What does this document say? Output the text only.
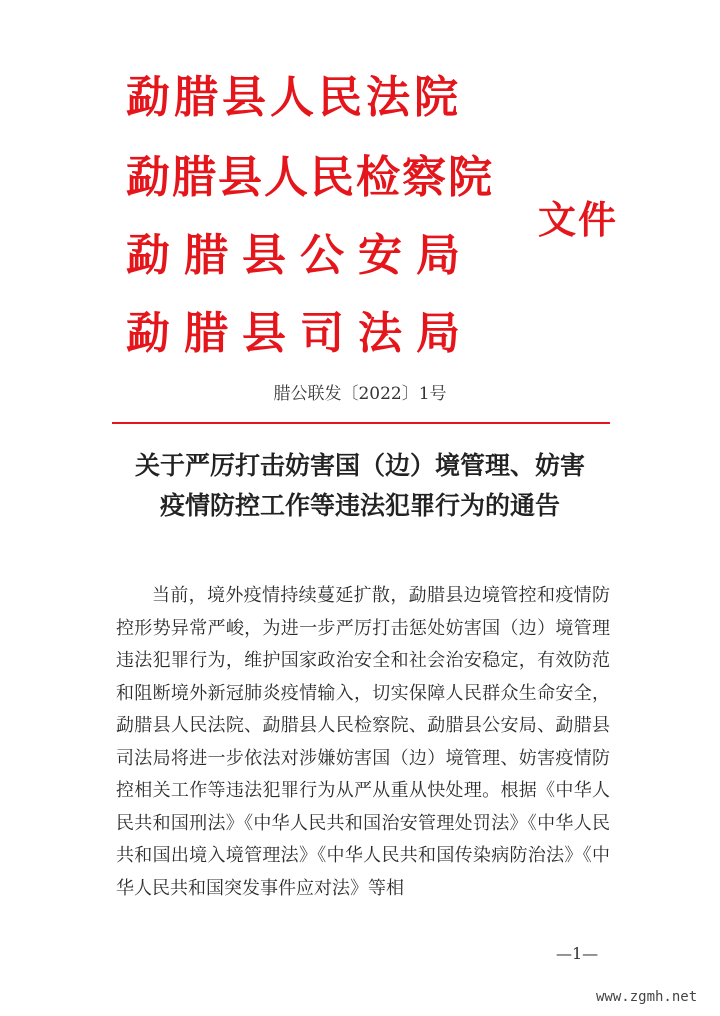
勐腊县人民法院
勐腊县人民检察院
勐腊县公安局
勐腊县司法局
文件
腊公联发〔2022〕1号
关于严厉打击妨害国（边）境管理、妨害
疫情防控工作等违法犯罪行为的通告

当前，境外疫情持续蔓延扩散，勐腊县边境管控和疫情防控形势异常严峻，为进一步严厉打击惩处妨害国（边）境管理违法犯罪行为，维护国家政治安全和社会治安稳定，有效防范和阻断境外新冠肺炎疫情输入，切实保障人民群众生命安全，勐腊县人民法院、勐腊县人民检察院、勐腊县公安局、勐腊县司法局将进一步依法对涉嫌妨害国（边）境管理、妨害疫情防控相关工作等违法犯罪行为从严从重从快处理。根据《中华人民共和国刑法》《中华人民共和国治安管理处罚法》《中华人民共和国出境入境管理法》《中华人民共和国传染病防治法》《中华人民共和国突发事件应对法》等相

—1—
www.zgmh.net
